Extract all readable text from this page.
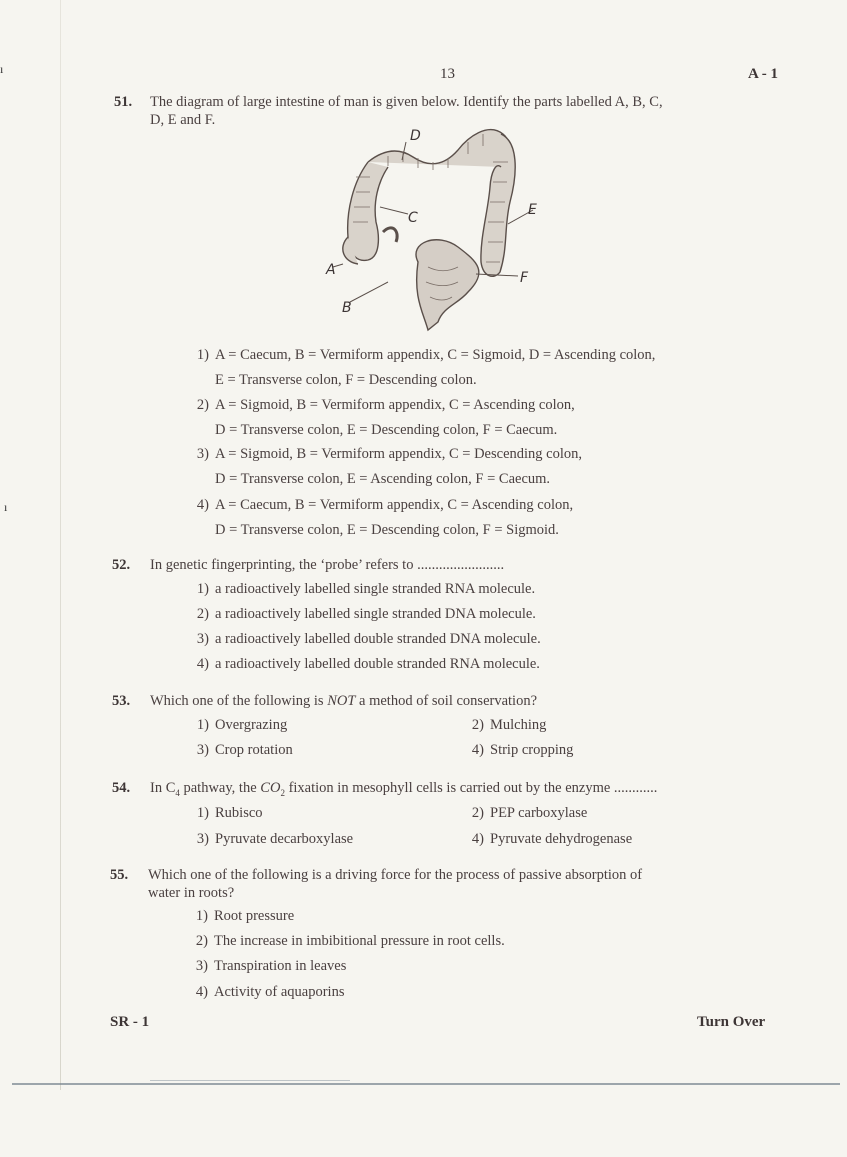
ı
ı
13	A - 1
51. The diagram of large intestine of man is given below. Identify the parts labelled A, B, C,
D, E and F.
D
C	E
F
A
B
1) A = Caecum, B = Vermiform appendix, C = Sigmoid, D = Ascending colon,
E = Transverse colon, F = Descending colon.
2) A = Sigmoid, B = Vermiform appendix, C = Ascending colon,
D = Transverse colon, E = Descending colon, F = Caecum.
3) A = Sigmoid, B = Vermiform appendix, C = Descending colon,
D = Transverse colon, E = Ascending colon, F = Caecum.
4) A = Caecum, B = Vermiform appendix, C = Ascending colon,
D = Transverse colon, E = Descending colon, F = Sigmoid.
52. In genetic fingerprinting, the ‘probe’ refers to ........................
1) a radioactively labelled single stranded RNA molecule.
2) a radioactively labelled single stranded DNA molecule.
3) a radioactively labelled double stranded DNA molecule.
4) a radioactively labelled double stranded RNA molecule.
53. Which one of the following is NOT a method of soil conservation?
1) Overgrazing	2) Mulching
3) Crop rotation	4) Strip cropping
54. In $C_4$ pathway, the $CO_2$ fixation in mesophyll cells is carried out by the enzyme ............
1) Rubisco	2) PEP carboxylase
3) Pyruvate decarboxylase	4) Pyruvate dehydrogenase
55. Which one of the following is a driving force for the process of passive absorption of
water in roots?
1) Root pressure
2) The increase in imbibitional pressure in root cells.
3) Transpiration in leaves
4) Activity of aquaporins
SR - 1	Turn Over
